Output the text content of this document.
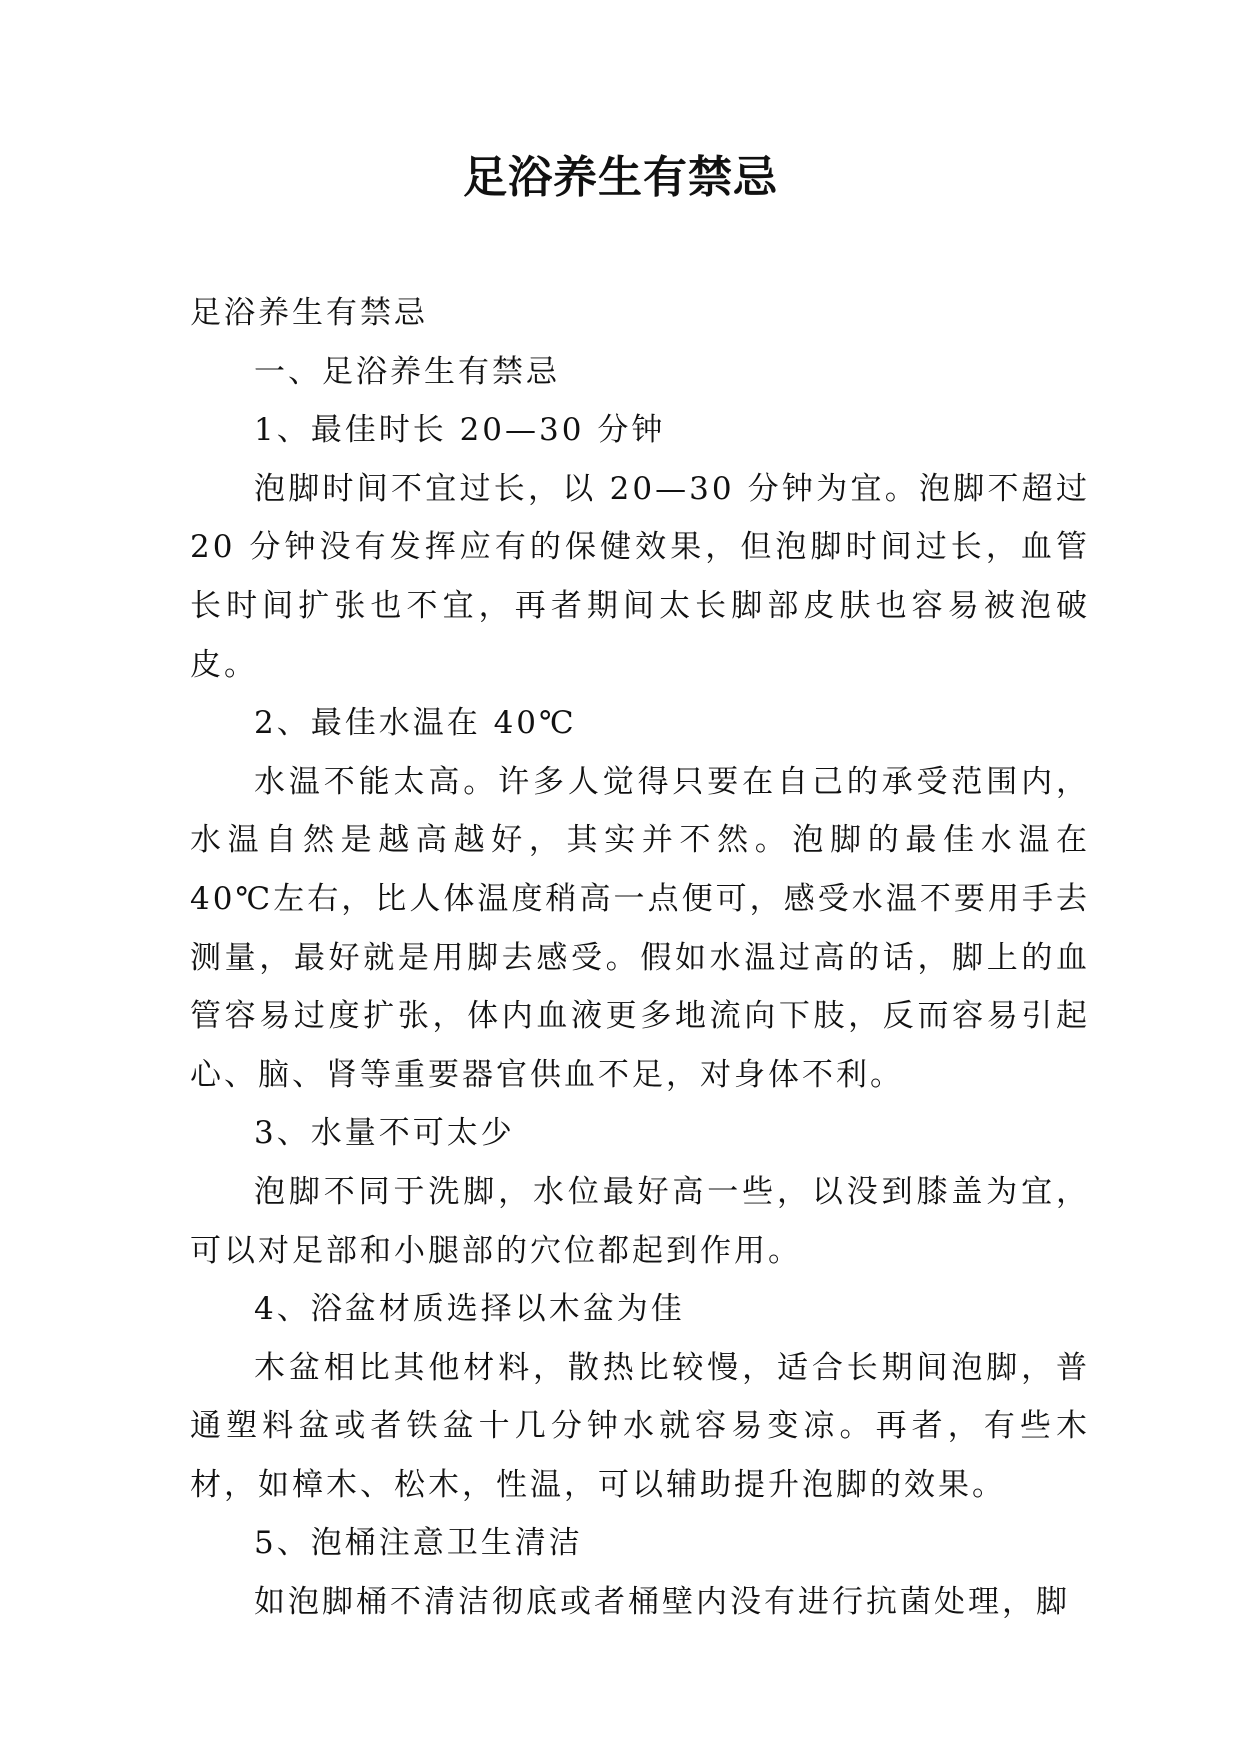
足浴养生有禁忌

足浴养生有禁忌

一、足浴养生有禁忌

1、最佳时长 20—30 分钟

泡脚时间不宜过长，以 20—30 分钟为宜。泡脚不超过 20 分钟没有发挥应有的保健效果，但泡脚时间过长，血管长时间扩张也不宜，再者期间太长脚部皮肤也容易被泡破皮。

2、最佳水温在 40℃

水温不能太高。许多人觉得只要在自己的承受范围内，水温自然是越高越好，其实并不然。泡脚的最佳水温在 40℃左右，比人体温度稍高一点便可，感受水温不要用手去测量，最好就是用脚去感受。假如水温过高的话，脚上的血管容易过度扩张，体内血液更多地流向下肢，反而容易引起心、脑、肾等重要器官供血不足，对身体不利。

3、水量不可太少

泡脚不同于洗脚，水位最好高一些，以没到膝盖为宜，可以对足部和小腿部的穴位都起到作用。

4、浴盆材质选择以木盆为佳

木盆相比其他材料，散热比较慢，适合长期间泡脚，普通塑料盆或者铁盆十几分钟水就容易变凉。再者，有些木材，如樟木、松木，性温，可以辅助提升泡脚的效果。

5、泡桶注意卫生清洁

如泡脚桶不清洁彻底或者桶壁内没有进行抗菌处理，脚
